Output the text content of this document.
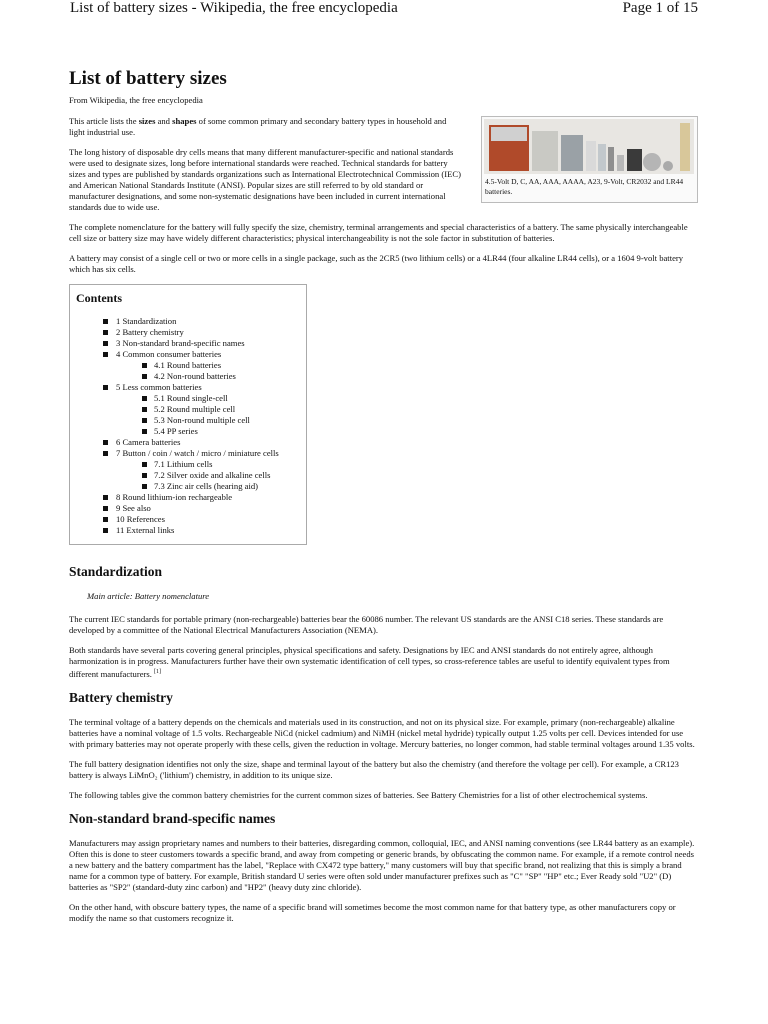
List of battery sizes - Wikipedia, the free encyclopedia	Page 1 of 15
List of battery sizes
From Wikipedia, the free encyclopedia
4.5-Volt D, C, AA, AAA, AAAA, A23, 9-Volt, CR2032 and LR44 batteries.

This article lists the sizes and shapes of some common primary and secondary battery types in household and light industrial use.

The long history of disposable dry cells means that many different manufacturer-specific and national standards were used to designate sizes, long before international standards were reached. Technical standards for battery sizes and types are published by standards organizations such as International Electrotechnical Commission (IEC) and American National Standards Institute (ANSI). Popular sizes are still referred to by old standard or manufacturer designations, and some non-systematic designations have been included in current international standards due to wide use.

The complete nomenclature for the battery will fully specify the size, chemistry, terminal arrangements and special characteristics of a battery. The same physically interchangeable cell size or battery size may have widely different characteristics; physical interchangeability is not the sole factor in substitution of batteries.

A battery may consist of a single cell or two or more cells in a single package, such as the 2CR5 (two lithium cells) or a 4LR44 (four alkaline LR44 cells), or a 1604 9-volt battery which has six cells.

Contents
1 Standardization
2 Battery chemistry
3 Non-standard brand-specific names
4 Common consumer batteries
4.1 Round batteries
4.2 Non-round batteries
5 Less common batteries
5.1 Round single-cell
5.2 Round multiple cell
5.3 Non-round multiple cell
5.4 PP series
6 Camera batteries
7 Button / coin / watch / micro / miniature cells
7.1 Lithium cells
7.2 Silver oxide and alkaline cells
7.3 Zinc air cells (hearing aid)
8 Round lithium-ion rechargeable
9 See also
10 References
11 External links
Standardization
Main article: Battery nomenclature

The current IEC standards for portable primary (non-rechargeable) batteries bear the 60086 number. The relevant US standards are the ANSI C18 series. These standards are developed by a committee of the National Electrical Manufacturers Association (NEMA).

Both standards have several parts covering general principles, physical specifications and safety. Designations by IEC and ANSI standards do not entirely agree, although harmonization is in progress. Manufacturers further have their own systematic identification of cell types, so cross-reference tables are useful to identify equivalent types from different manufacturers. [1]

Battery chemistry

The terminal voltage of a battery depends on the chemicals and materials used in its construction, and not on its physical size. For example, primary (non-rechargeable) alkaline batteries have a nominal voltage of 1.5 volts. Rechargeable NiCd (nickel cadmium) and NiMH (nickel metal hydride) typically output 1.25 volts per cell. Devices intended for use with primary batteries may not operate properly with these cells, given the reduction in voltage. Mercury batteries, no longer common, had stable terminal voltages around 1.35 volts.

The full battery designation identifies not only the size, shape and terminal layout of the battery but also the chemistry (and therefore the voltage per cell). For example, a CR123 battery is always LiMnO₂ ('lithium') chemistry, in addition to its unique size.

The following tables give the common battery chemistries for the current common sizes of batteries. See Battery Chemistries for a list of other electrochemical systems.

Non-standard brand-specific names

Manufacturers may assign proprietary names and numbers to their batteries, disregarding common, colloquial, IEC, and ANSI naming conventions (see LR44 battery as an example). Often this is done to steer customers towards a specific brand, and away from competing or generic brands, by obfuscating the common name. For example, if a remote control needs a new battery and the battery compartment has the label, "Replace with CX472 type battery," many customers will buy that specific brand, not realizing that this is simply a brand name for a common type of battery. For example, British standard U series were often sold under manufacturer prefixes such as "C" "SP" "HP" etc.; Ever Ready sold "U2" (D) batteries as "SP2" (standard-duty zinc carbon) and "HP2" (heavy duty zinc chloride).

On the other hand, with obscure battery types, the name of a specific brand will sometimes become the most common name for that battery type, as other manufacturers copy or modify the name so that customers recognize it.
